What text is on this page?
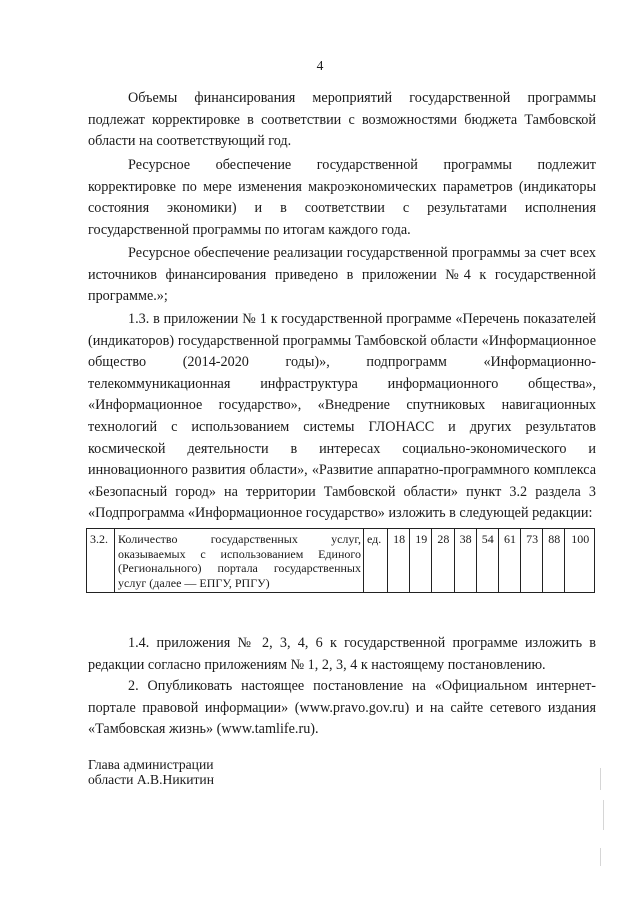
4

Объемы финансирования мероприятий государственной программы подлежат корректировке в соответствии с возможностями бюджета Тамбовской области на соответствующий год.

Ресурсное обеспечение государственной программы подлежит корректировке по мере изменения макроэкономических параметров (индикаторы состояния экономики) и в соответствии с результатами исполнения государственной программы по итогам каждого года.

Ресурсное обеспечение реализации государственной программы за счет всех источников финансирования приведено в приложении №4 к государственной программе.»;

1.3. в приложении № 1 к государственной программе «Перечень показателей (индикаторов) государственной программы Тамбовской области «Информационное общество (2014-2020 годы)», подпрограмм «Информационно-телекоммуникационная инфраструктура информационного общества», «Информационное государство», «Внедрение спутниковых навигационных технологий с использованием системы ГЛОНАСС и других результатов космической деятельности в интересах социально-экономического и инновационного развития области», «Развитие аппаратно-программного комплекса «Безопасный город» на территории Тамбовской области» пункт 3.2 раздела 3 «Подпрограмма «Информационное государство» изложить в следующей редакции:

3.2.	Количество государственных услуг, оказываемых с использованием Единого (Регионального) портала государственных услуг (далее — ЕПГУ, РПГУ)	ед.	18	19	28	38	54	61	73	88	100

1.4. приложения № 2, 3, 4, 6 к государственной программе изложить в редакции согласно приложениям № 1, 2, 3, 4 к настоящему постановлению.

2. Опубликовать настоящее постановление на «Официальном интернет-портале правовой информации» (www.pravo.gov.ru) и на сайте сетевого издания «Тамбовская жизнь» (www.tamlife.ru).

Глава администрации
области А.В.Никитин
